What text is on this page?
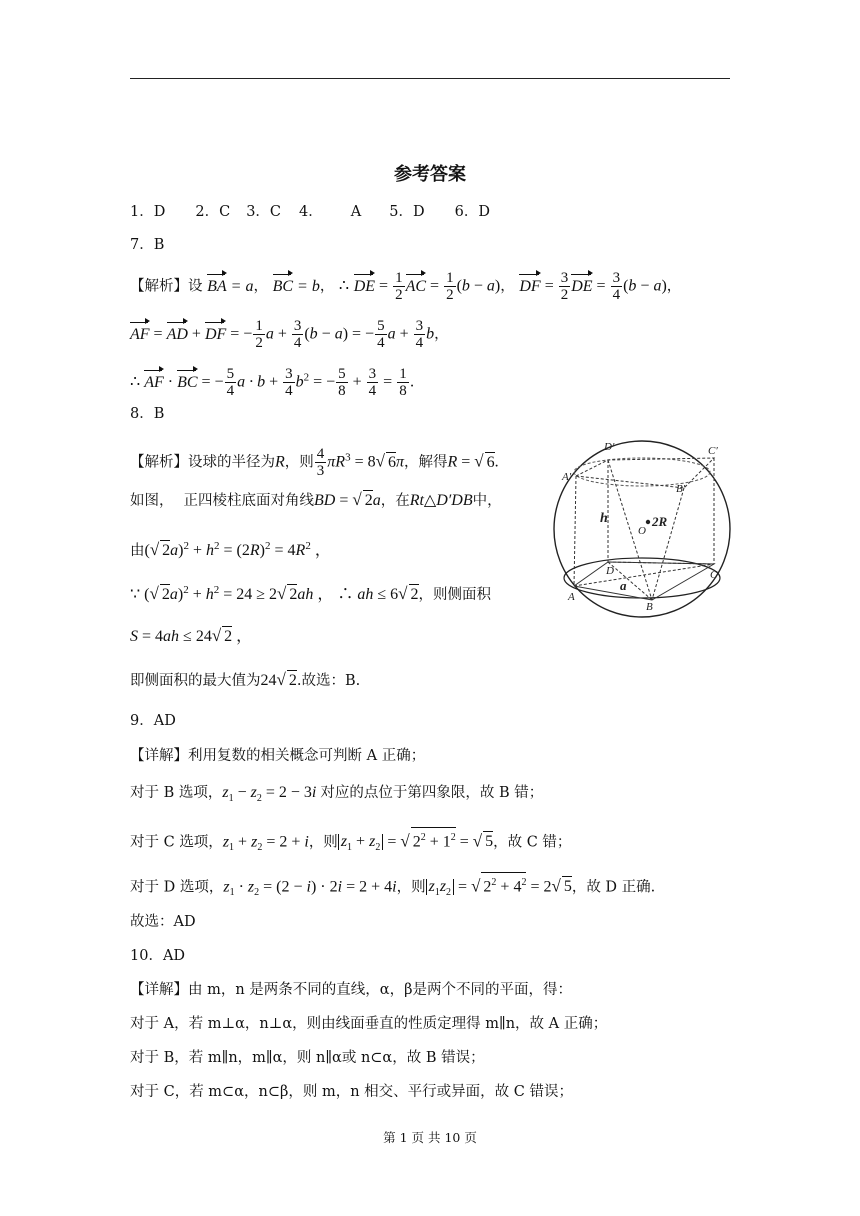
参考答案
1．D 2．C 3．C 4． A 5．D 6．D
7．B
【解析】设 BA = a， BC = b， ∴ DE = $\frac{1}{2}$ AC = $\frac{1}{2} (b - a)$， DF = $\frac{3}{2}$ DE = $\frac{3}{4} (b - a)$，
AF = AD + DF = − $\frac{1}{2}$ $a + \frac{3}{4} (b - a)$ = − $\frac{5}{4}$ $a + \frac{3}{4}$ b，
∴ AF · BC = − $\frac{5}{4}$ $a \cdot b + \frac{3}{4} b^2$ = − $\frac{5}{8} + \frac{3}{4} = \frac{1}{8}$ .
8．B
【解析】设球的半径为R，则 $\frac{4}{3} \pi R^3 = 8√$ 6π，解得R = √ 6.
如图， 正四棱柱底面对角线BD = √ 2a，在Rt△D′DB中，
由(√ $2a)^2 + h^2 = (2R)^2 = 4R^2$ ，
∵ (√ $2a)^2 + h^2 = 24 \ge 2√$ 2ah ， ∴ ah ≤ 6√ 2，则侧面积
S = 4ah ≤ 24√ 2 ，
即侧面积的最大值为24√ 2.故选：B.
D′	C′
A′
B′
h
O
2R
D	C
A
B
a
9．AD
【详解】利用复数的相关概念可判断 A 正确；
对于 B 选项，$z_1 - z_2 = 2 - 3i$ 对应的点位于第四象限，故 B 错；
对于 C 选项，$z_1 + z_2 = 2 + i$，则 $z_1 + z_2$ = √ $2^2 + 1^2$ = √ 5，故 C 错；
对于 D 选项，$z_1 \cdot z_2 = (2 - i) \cdot 2i = 2 + 4i$，则 $z_1z_2$ = √ $2^2 + 4^2 = 2√$ 5，故 D 正确.
故选：AD
10．AD
【详解】由 m，n 是两条不同的直线，α，β是两个不同的平面，得：
对于 A，若 m⊥α，n⊥α，则由线面垂直的性质定理得 m∥n，故 A 正确；
对于 B，若 m∥n，m∥α，则 n∥α或 n⊂α，故 B 错误；
对于 C，若 m⊂α，n⊂β，则 m，n 相交、平行或异面，故 C 错误；
第 1 页 共 10 页
